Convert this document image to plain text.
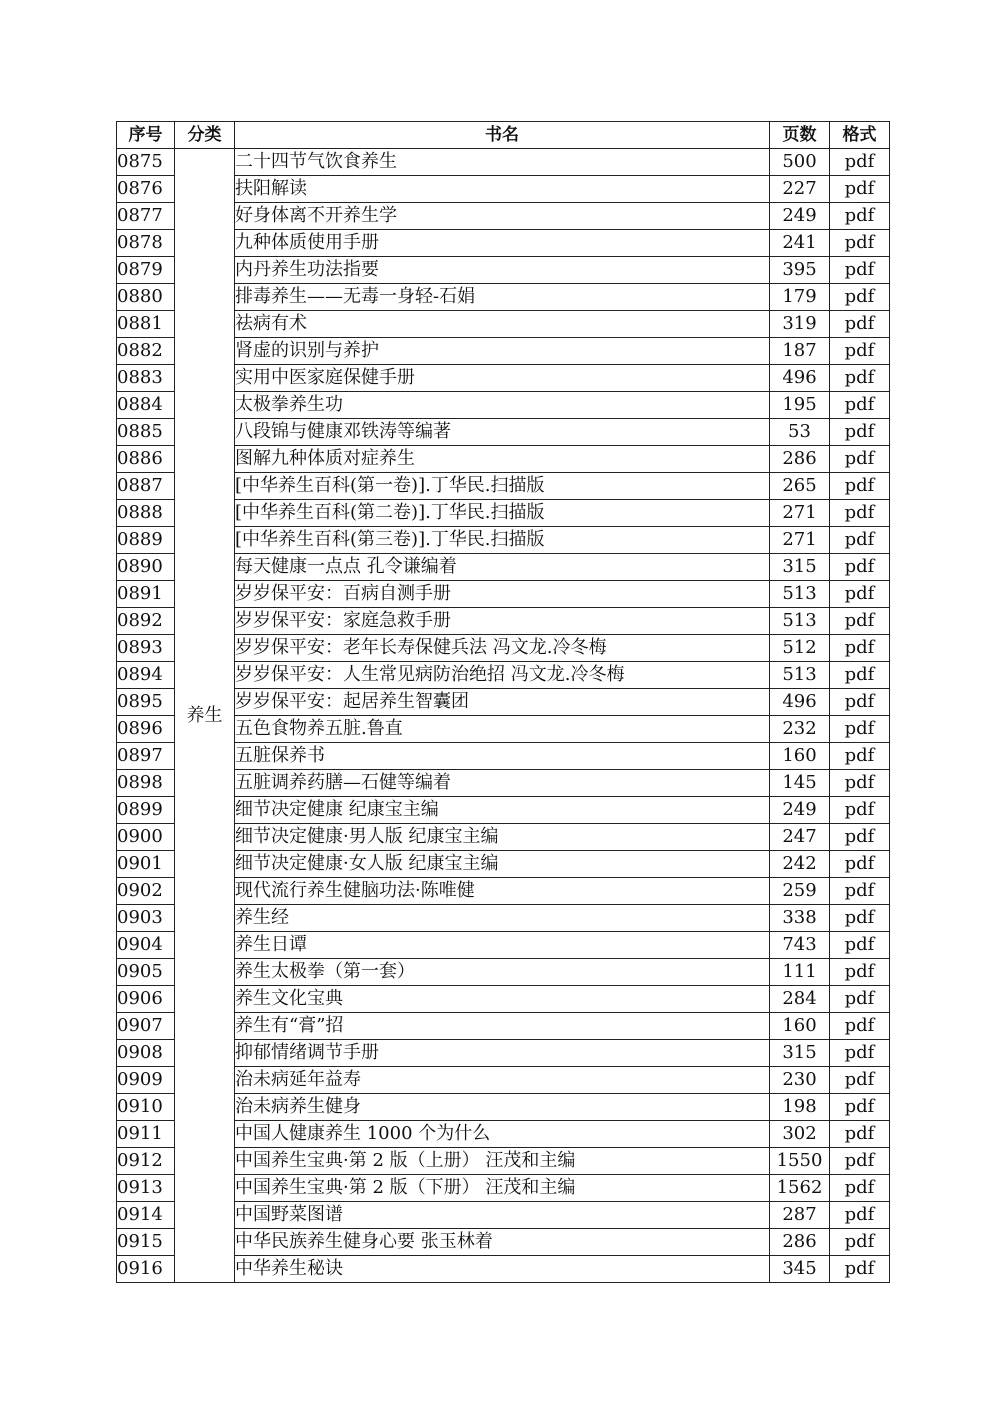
序号	分类	书名	页数	格式
0875	养生	二十四节气饮食养生	500	pdf
0876		扶阳解读	227	pdf
0877		好身体离不开养生学	249	pdf
0878		九种体质使用手册	241	pdf
0879		内丹养生功法指要	395	pdf
0880		排毒养生——无毒一身轻-石娟	179	pdf
0881		祛病有术	319	pdf
0882		肾虚的识别与养护	187	pdf
0883		实用中医家庭保健手册	496	pdf
0884		太极拳养生功	195	pdf
0885		八段锦与健康邓铁涛等编著	53	pdf
0886		图解九种体质对症养生	286	pdf
0887		[中华养生百科(第一卷)].丁华民.扫描版	265	pdf
0888		[中华养生百科(第二卷)].丁华民.扫描版	271	pdf
0889		[中华养生百科(第三卷)].丁华民.扫描版	271	pdf
0890		每天健康一点点 孔令谦编着	315	pdf
0891		岁岁保平安：百病自测手册	513	pdf
0892		岁岁保平安：家庭急救手册	513	pdf
0893		岁岁保平安：老年长寿保健兵法 冯文龙.冷冬梅	512	pdf
0894		岁岁保平安：人生常见病防治绝招 冯文龙.冷冬梅	513	pdf
0895		岁岁保平安：起居养生智囊团	496	pdf
0896		五色食物养五脏.鲁直	232	pdf
0897		五脏保养书	160	pdf
0898		五脏调养药膳—石健等编着	145	pdf
0899		细节决定健康 纪康宝主编	249	pdf
0900		细节决定健康·男人版 纪康宝主编	247	pdf
0901		细节决定健康·女人版 纪康宝主编	242	pdf
0902		现代流行养生健脑功法·陈唯健	259	pdf
0903		养生经	338	pdf
0904		养生日谭	743	pdf
0905		养生太极拳（第一套）	111	pdf
0906		养生文化宝典	284	pdf
0907		养生有“膏”招	160	pdf
0908		抑郁情绪调节手册	315	pdf
0909		治未病延年益寿	230	pdf
0910		治未病养生健身	198	pdf
0911		中国人健康养生 1000 个为什么	302	pdf
0912		中国养生宝典·第 2 版（上册） 汪茂和主编	1550	pdf
0913		中国养生宝典·第 2 版（下册） 汪茂和主编	1562	pdf
0914		中国野菜图谱	287	pdf
0915		中华民族养生健身心要 张玉林着	286	pdf
0916		中华养生秘诀	345	pdf
